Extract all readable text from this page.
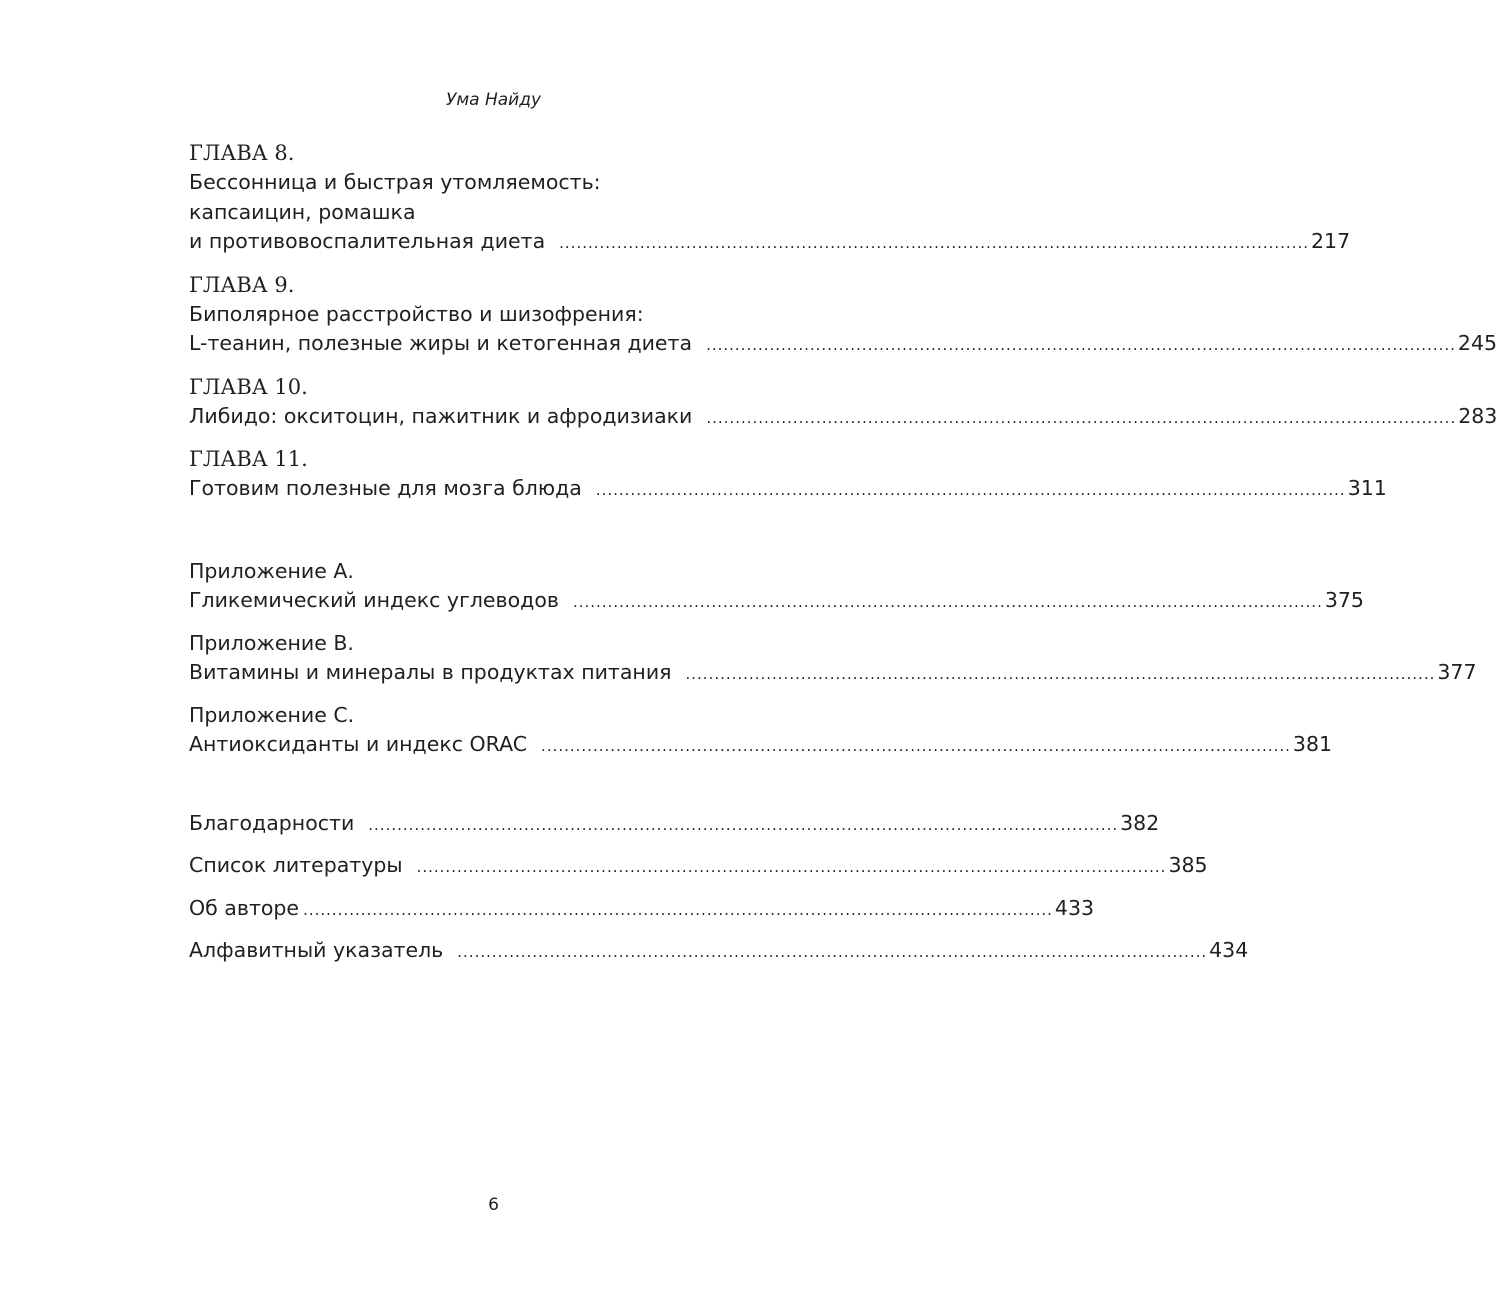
Ума Найду
ГЛАВА 8.
Бессонница и быстрая утомляемость:
капсаицин, ромашка
и противовоспалительная диета .................................................................................................................................. 217
ГЛАВА 9.
Биполярное расстройство и шизофрения:
L-теанин, полезные жиры и кетогенная диета .................................................................................................................................. 245
ГЛАВА 10.
Либидо: окситоцин, пажитник и афродизиаки .................................................................................................................................. 283
ГЛАВА 11.
Готовим полезные для мозга блюда .................................................................................................................................. 311
Приложение А.
Гликемический индекс углеводов .................................................................................................................................. 375
Приложение В.
Витамины и минералы в продуктах питания .................................................................................................................................. 377
Приложение С.
Антиоксиданты и индекс ORAC .................................................................................................................................. 381
Благодарности .................................................................................................................................. 382
Список литературы .................................................................................................................................. 385
Об авторе .................................................................................................................................. 433
Алфавитный указатель .................................................................................................................................. 434
6
